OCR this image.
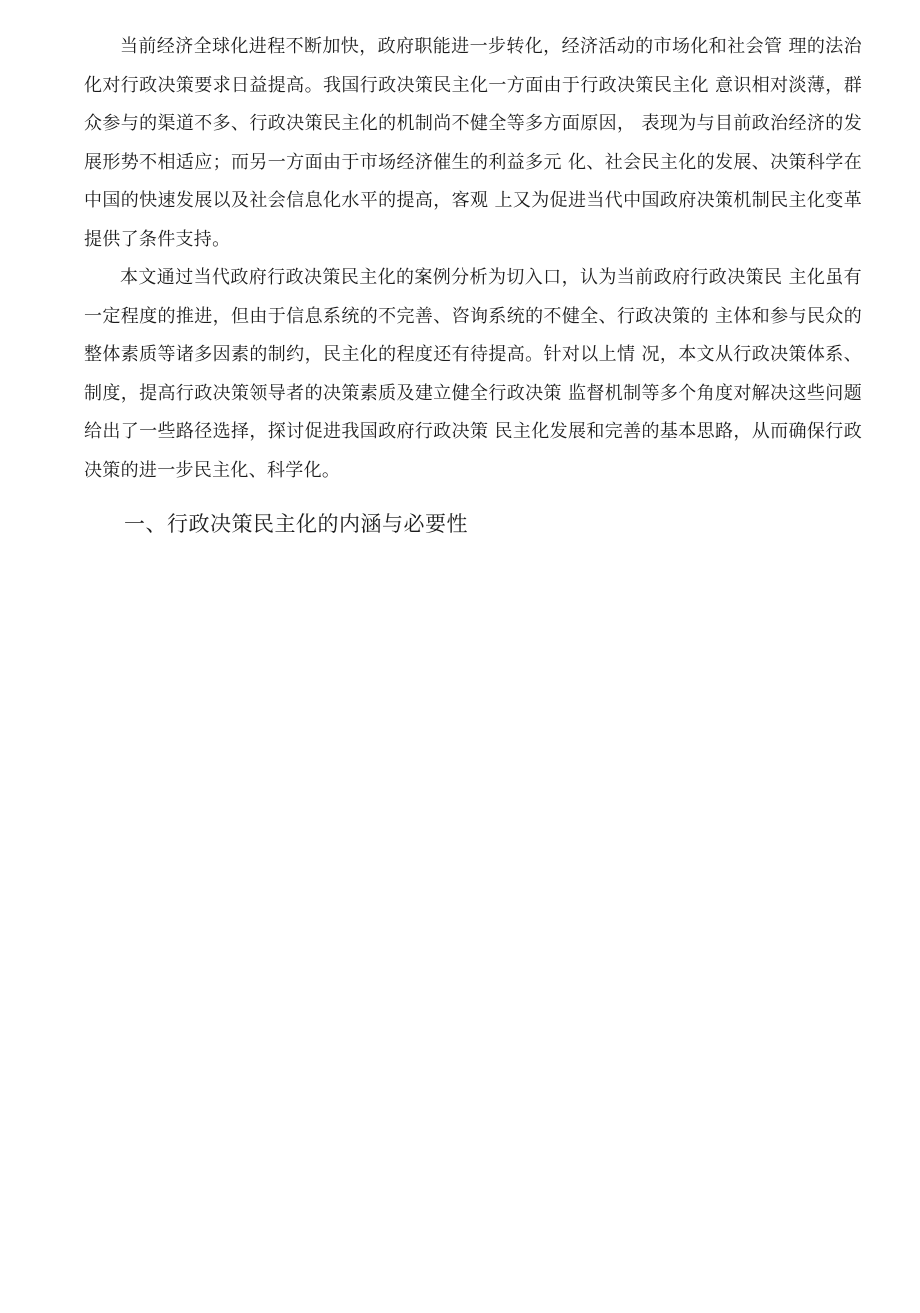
当前经济全球化进程不断加快，政府职能进一步转化，经济活动的市场化和社会管 理的法治化对行政决策要求日益提高。我国行政决策民主化一方面由于行政决策民主化 意识相对淡薄，群众参与的渠道不多、行政决策民主化的机制尚不健全等多方面原因， 表现为与目前政治经济的发展形势不相适应；而另一方面由于市场经济催生的利益多元 化、社会民主化的发展、决策科学在中国的快速发展以及社会信息化水平的提高，客观 上又为促进当代中国政府决策机制民主化变革提供了条件支持。

本文通过当代政府行政决策民主化的案例分析为切入口，认为当前政府行政决策民 主化虽有一定程度的推进，但由于信息系统的不完善、咨询系统的不健全、行政决策的 主体和参与民众的整体素质等诸多因素的制约，民主化的程度还有待提高。针对以上情 况，本文从行政决策体系、制度，提高行政决策领导者的决策素质及建立健全行政决策 监督机制等多个角度对解决这些问题给出了一些路径选择，探讨促进我国政府行政决策 民主化发展和完善的基本思路，从而确保行政决策的进一步民主化、科学化。

一、行政决策民主化的内涵与必要性
